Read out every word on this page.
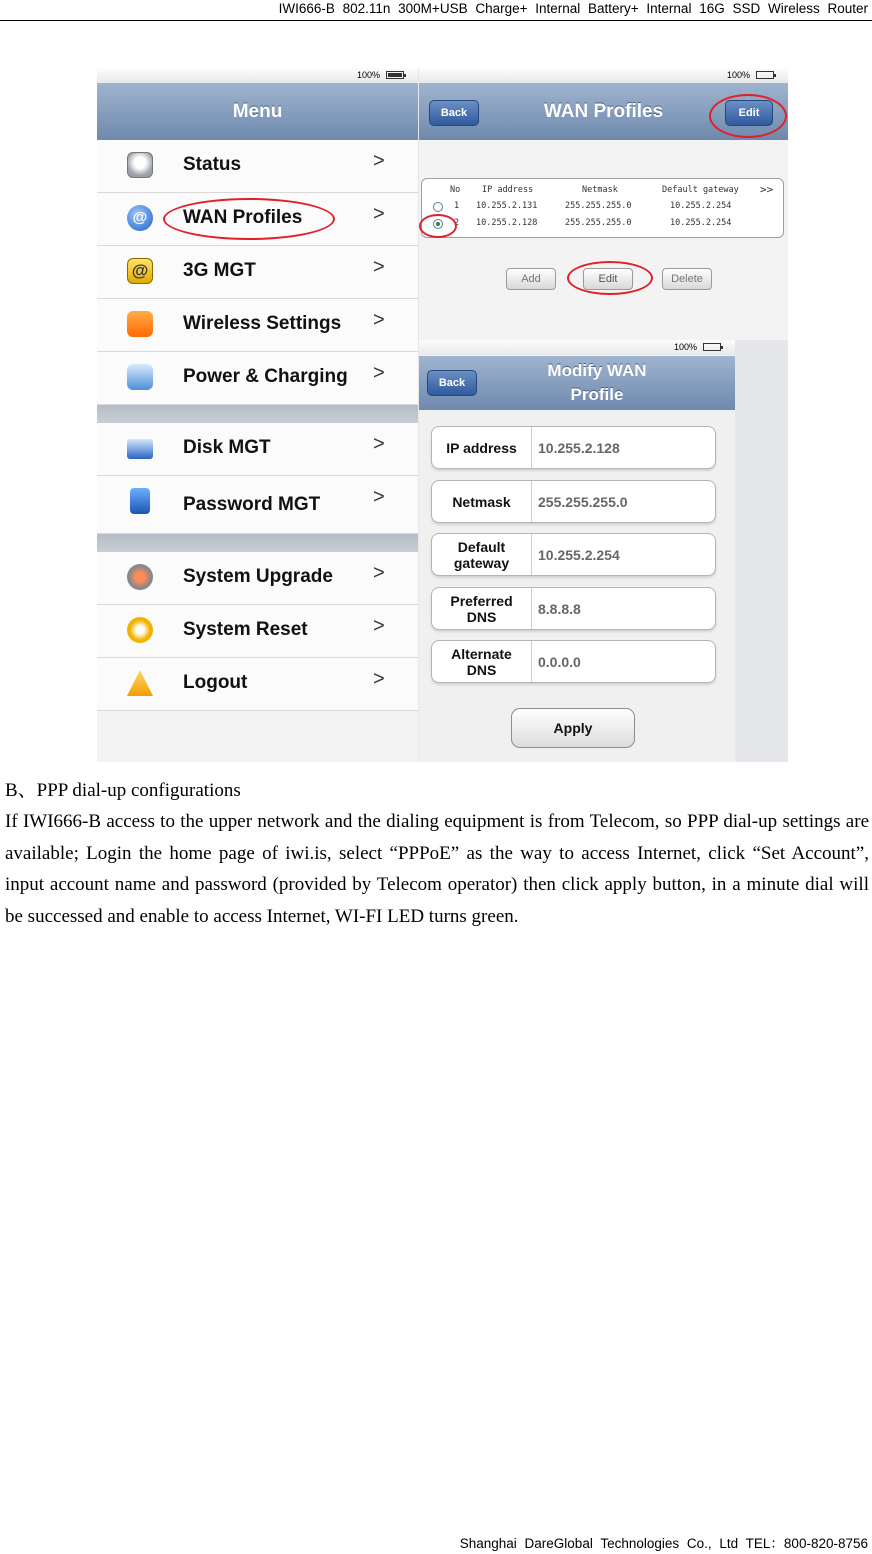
IWI666-B 802.11n 300M+USB Charge+ Internal Battery+ Internal 16G SSD Wireless Router
100%
Menu
Status	>
@ WAN Profiles	>
@ 3G MGT	>
Wireless Settings >
Power & Charging >
Disk MGT	>
Password MGT	>
System Upgrade >
System Reset	>
Logout	>
100%
WAN Profiles
Back	Edit
No	IP address	Netmask	Default gateway >>
1 10.255.2.131	255.255.255.0	10.255.2.254
2 10.255.2.128	255.255.255.0	10.255.2.254
Add	Edit	Delete
100%
Modify WAN
Profile
Back
IP address	10.255.2.128
Netmask	255.255.255.0
Default gateway	10.255.2.254
Preferred DNS	8.8.8.8
Alternate DNS	0.0.0.0
Apply
B、PPP dial-up configurations
If IWI666-B access to the upper network and the dialing equipment is from Telecom, so PPP dial-up settings are available; Login the home page of iwi.is, select “PPPoE” as the way to access Internet, click “Set Account”, input account name and password (provided by Telecom operator) then click apply button, in a minute dial will be successed and enable to access Internet, WI-FI LED turns green.
Shanghai DareGlobal Technologies Co., Ltd TEL：800-820-8756
